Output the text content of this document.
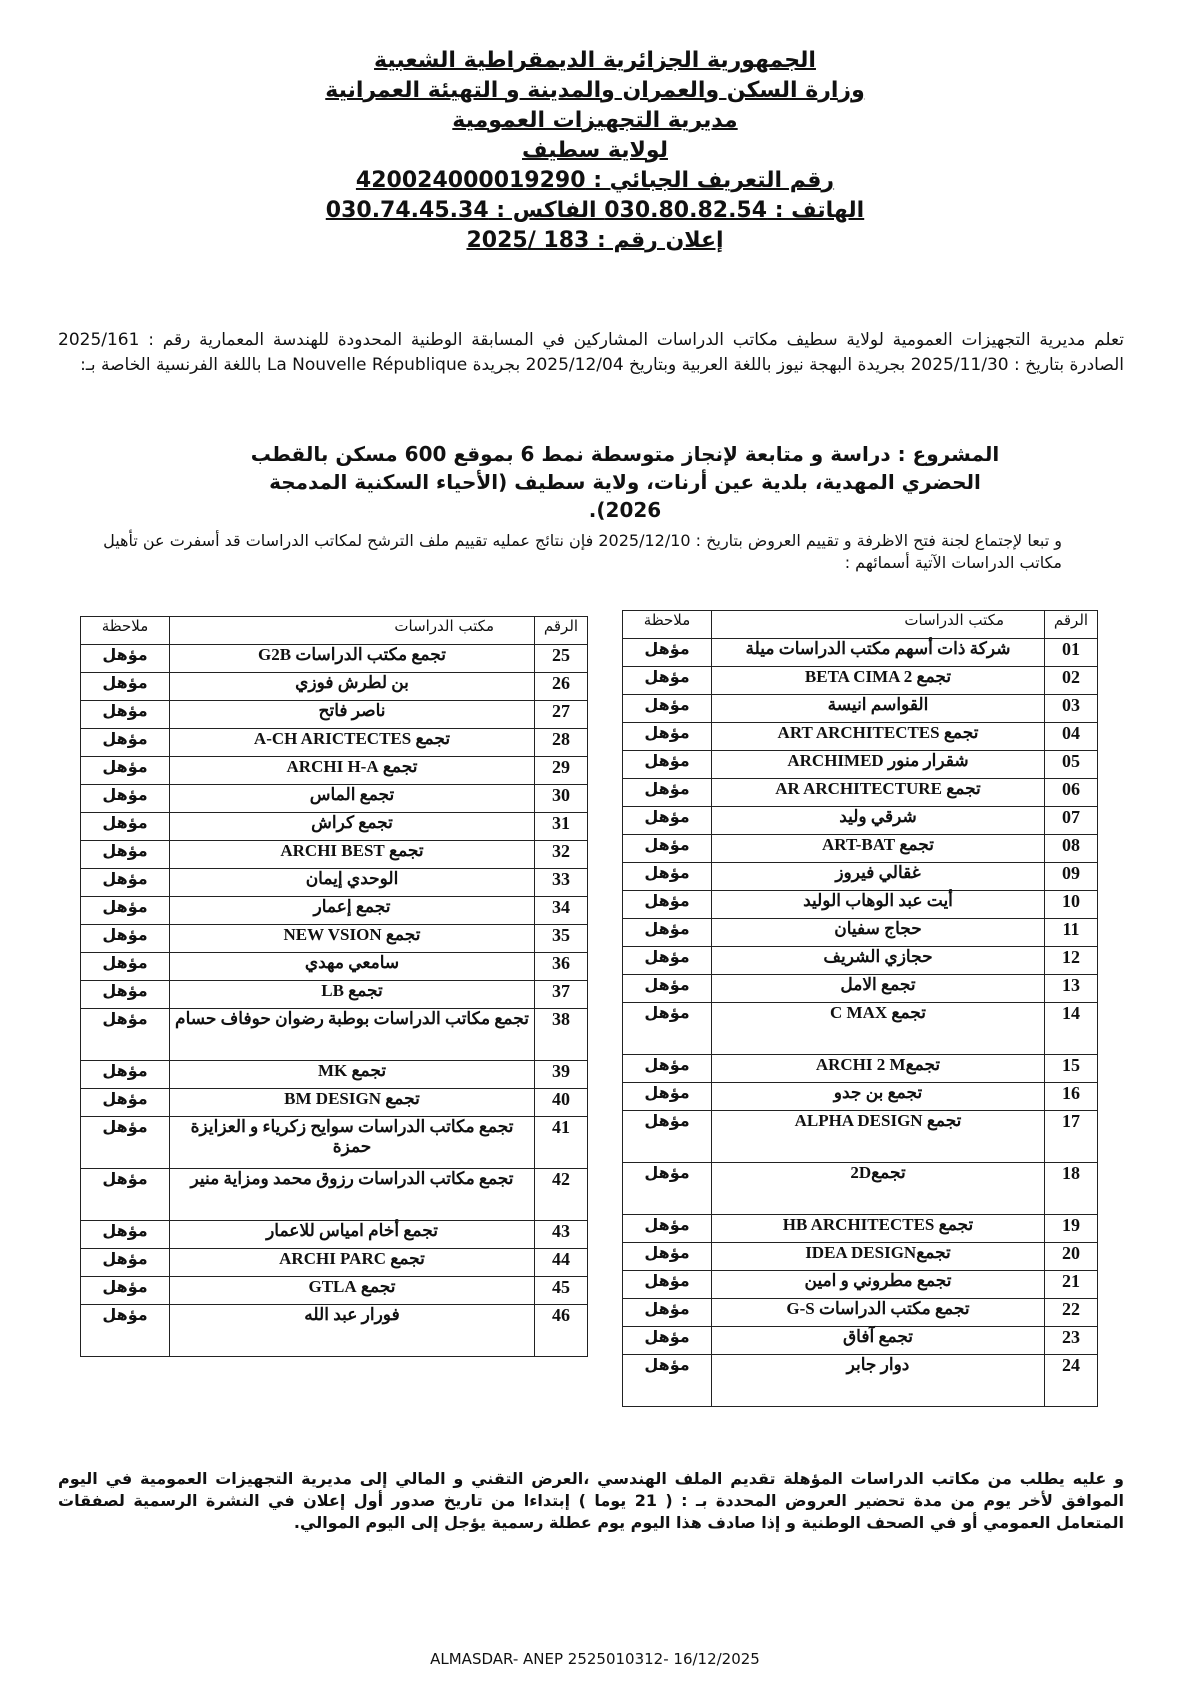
الجمهورية الجزائرية الديمقراطية الشعبية
وزارة السكن والعمران والمدينة و التهيئة العمرانية
مديرية التجهيزات العمومية
لولاية سطيف
رقم التعريف الجبائي : 420024000019290
الهاتف : 030.80.82.54 الفاكس : 030.74.45.34
إعلان رقم : 183 /2025
تعلم مديرية التجهيزات العمومية لولاية سطيف مكاتب الدراسات المشاركين في المسابقة الوطنية المحدودة للهندسة المعمارية رقم : 2025/161 الصادرة بتاريخ : 2025/11/30 بجريدة البهجة نيوز باللغة العربية وبتاريخ 2025/12/04 بجريدة La Nouvelle République باللغة الفرنسية الخاصة بـ:
المشروع : دراسة و متابعة لإنجاز متوسطة نمط 6 بموقع 600 مسكن بالقطب الحضري المهدية، بلدية عين أرنات، ولاية سطيف (الأحياء السكنية المدمجة 2026).
و تبعا لإجتماع لجنة فتح الاظرفة و تقييم العروض بتاريخ : 2025/12/10 فإن نتائج عمليه تقييم ملف الترشح لمكاتب الدراسات قد أسفرت عن تأهيل مكاتب الدراسات الآتية أسمائهم :
الرقم	مكتب الدراسات	ملاحظة
01	شركة ذات أسهم مكتب الدراسات ميلة	مؤهل
02	تجمع BETA CIMA 2	مؤهل
03	القواسم انيسة	مؤهل
04	تجمع ART ARCHITECTES	مؤهل
05	شقرار منور ARCHIMED	مؤهل
06	تجمع AR ARCHITECTURE	مؤهل
07	شرقي وليد	مؤهل
08	تجمع ART-BAT	مؤهل
09	غقالي فيروز	مؤهل
10	أيت عبد الوهاب الوليد	مؤهل
11	حجاج سفيان	مؤهل
12	حجازي الشريف	مؤهل
13	تجمع الامل	مؤهل
14	تجمع C MAX	مؤهل
15	تجمعARCHI 2 M	مؤهل
16	تجمع بن جدو	مؤهل
17	تجمع ALPHA DESIGN	مؤهل
18	تجمع2D	مؤهل
19	تجمع HB ARCHITECTES	مؤهل
20	تجمعIDEA DESIGN	مؤهل
21	تجمع مطروني و امين	مؤهل
22	تجمع مكتب الدراسات G-S	مؤهل
23	تجمع آفاق	مؤهل
24	دوار جابر	مؤهل
الرقم	مكتب الدراسات	ملاحظة
25	تجمع مكتب الدراسات G2B	مؤهل
26	بن لطرش فوزي	مؤهل
27	ناصر فاتح	مؤهل
28	تجمع A-CH ARICTECTES	مؤهل
29	تجمع ARCHI H-A	مؤهل
30	تجمع الماس	مؤهل
31	تجمع كراش	مؤهل
32	تجمع ARCHI BEST	مؤهل
33	الوحدي إيمان	مؤهل
34	تجمع إعمار	مؤهل
35	تجمع NEW VSION	مؤهل
36	سامعي مهدي	مؤهل
37	تجمع LB	مؤهل
38	تجمع مكاتب الدراسات بوطبة رضوان حوفاف حسام	مؤهل
39	تجمع MK	مؤهل
40	تجمع BM DESIGN	مؤهل
41	تجمع مكاتب الدراسات سوايح زكرياء و العزايزة حمزة	مؤهل
42	تجمع مكاتب الدراسات رزوق محمد ومزاية منير	مؤهل
43	تجمع أخام امياس للاعمار	مؤهل
44	تجمع ARCHI PARC	مؤهل
45	تجمع GTLA	مؤهل
46	فورار عبد الله	مؤهل
و عليه يطلب من مكاتب الدراسات المؤهلة تقديم الملف الهندسي ،العرض التقني و المالي إلى مديرية التجهيزات العمومية في اليوم الموافق لأخر يوم من مدة تحضير العروض المحددة بـ : ( 21 يوما ) إبتداءا من تاريخ صدور أول إعلان في النشرة الرسمية لصفقات المتعامل العمومي أو في الصحف الوطنية و إذا صادف هذا اليوم يوم عطلة رسمية يؤجل إلى اليوم الموالي.
ALMASDAR- ANEP 2525010312- 16/12/2025
